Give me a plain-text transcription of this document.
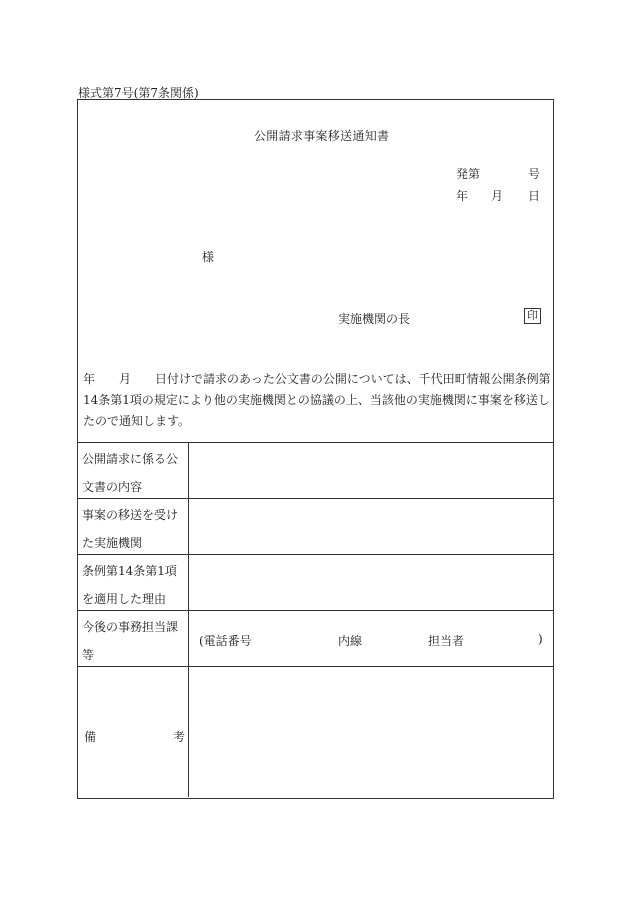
様式第7号(第7条関係)
公開請求事案移送通知書
発第	号
年 月 日
様
実施機関の長	印
年　　月　　日付けで請求のあった公文書の公開については、千代田町情報公開条例第14条第1項の規定により他の実施機関との協議の上、当該他の実施機関に事案を移送したので通知します。
公開請求に係る公文書の内容
事案の移送を受けた実施機関
条例第14条第1項を適用した理由
今後の事務担当課等
(電話番号	内線	担当者	)
備	考
